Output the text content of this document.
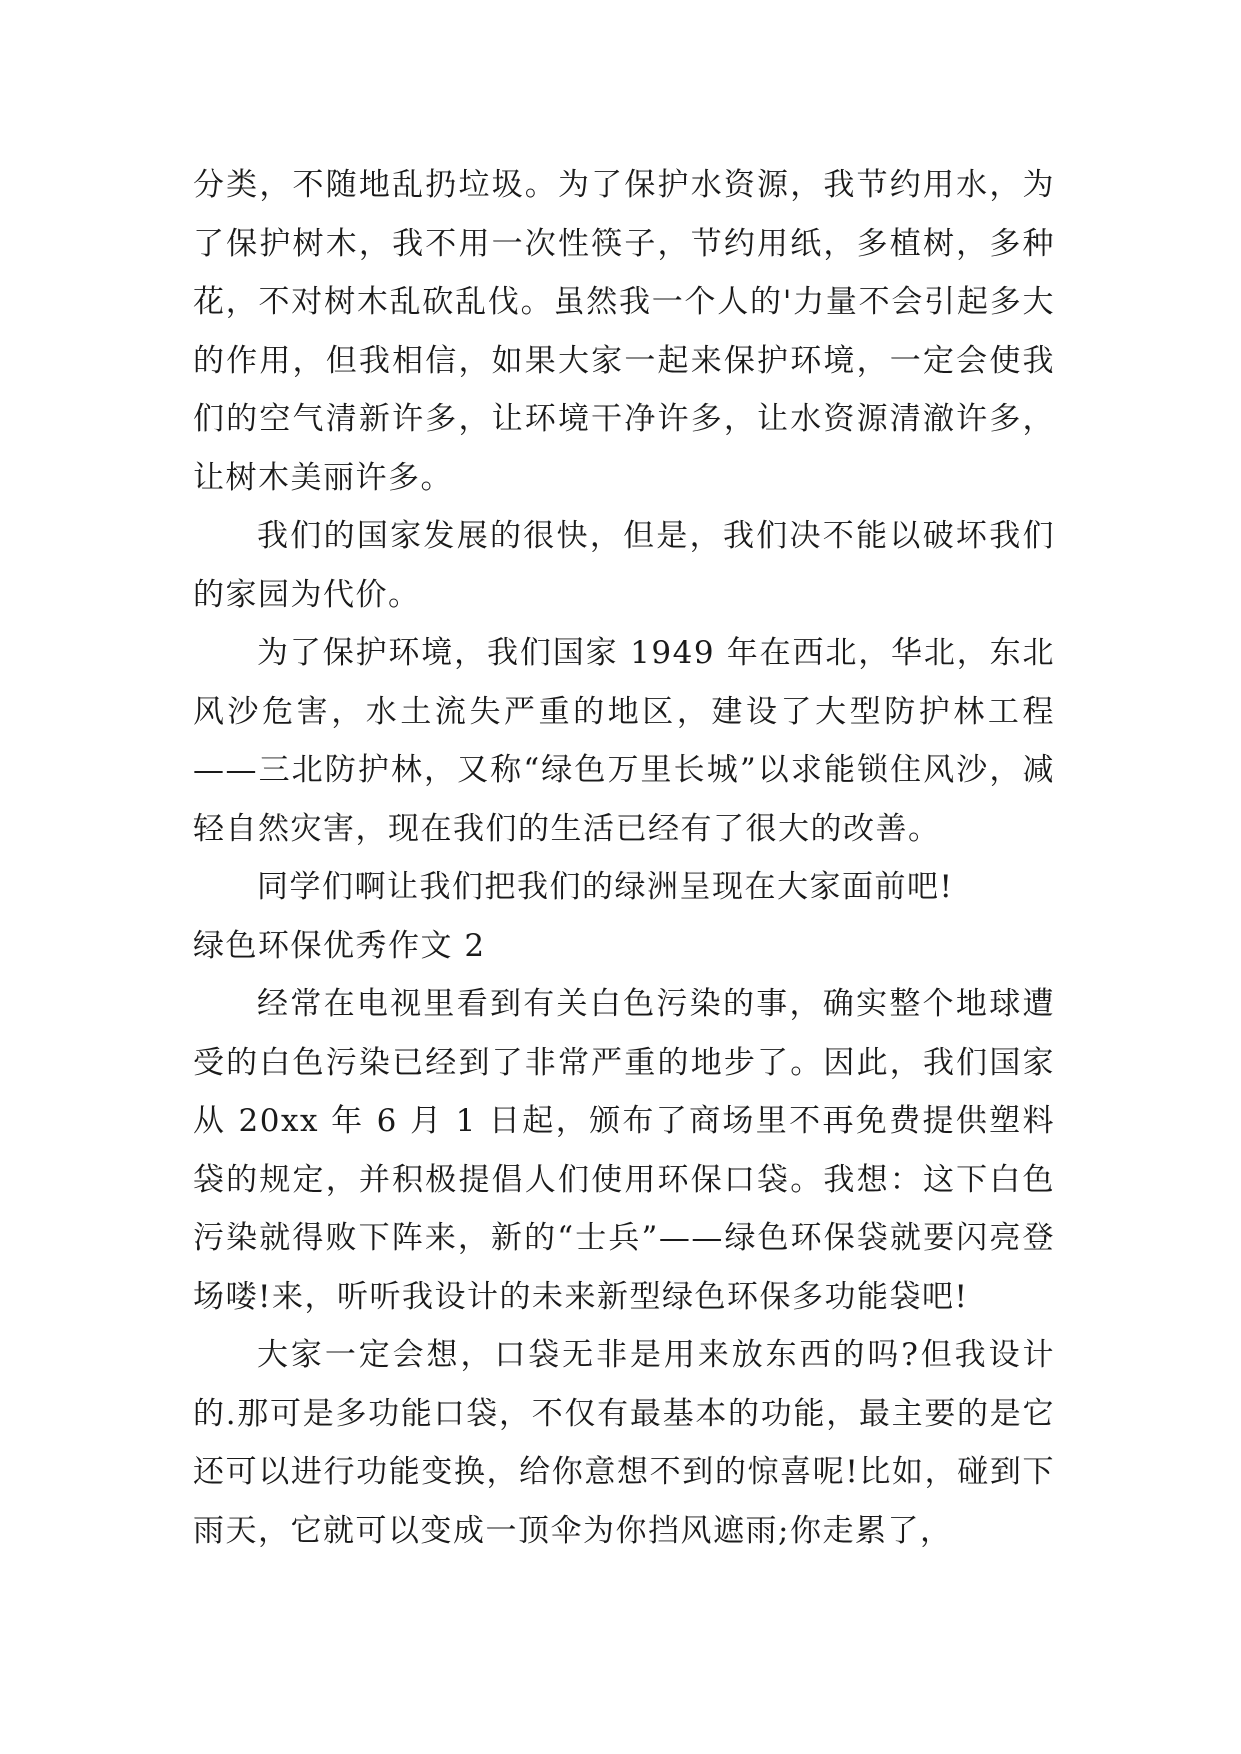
分类，不随地乱扔垃圾。为了保护水资源，我节约用水，为了保护树木，我不用一次性筷子，节约用纸，多植树，多种花，不对树木乱砍乱伐。虽然我一个人的'力量不会引起多大的作用，但我相信，如果大家一起来保护环境，一定会使我们的空气清新许多，让环境干净许多，让水资源清澈许多，让树木美丽许多。

我们的国家发展的很快，但是，我们决不能以破坏我们的家园为代价。

为了保护环境，我们国家 1949 年在西北，华北，东北风沙危害，水土流失严重的地区，建设了大型防护林工程——三北防护林，又称“绿色万里长城”以求能锁住风沙，减轻自然灾害，现在我们的生活已经有了很大的改善。

同学们啊让我们把我们的绿洲呈现在大家面前吧!

绿色环保优秀作文 2

经常在电视里看到有关白色污染的事，确实整个地球遭受的白色污染已经到了非常严重的地步了。因此，我们国家从 20xx 年 6 月 1 日起，颁布了商场里不再免费提供塑料袋的规定，并积极提倡人们使用环保口袋。我想：这下白色污染就得败下阵来，新的“士兵”——绿色环保袋就要闪亮登场喽!来，听听我设计的未来新型绿色环保多功能袋吧!

大家一定会想，口袋无非是用来放东西的吗?但我设计的.那可是多功能口袋，不仅有最基本的功能，最主要的是它还可以进行功能变换，给你意想不到的惊喜呢!比如，碰到下雨天，它就可以变成一顶伞为你挡风遮雨;你走累了，
